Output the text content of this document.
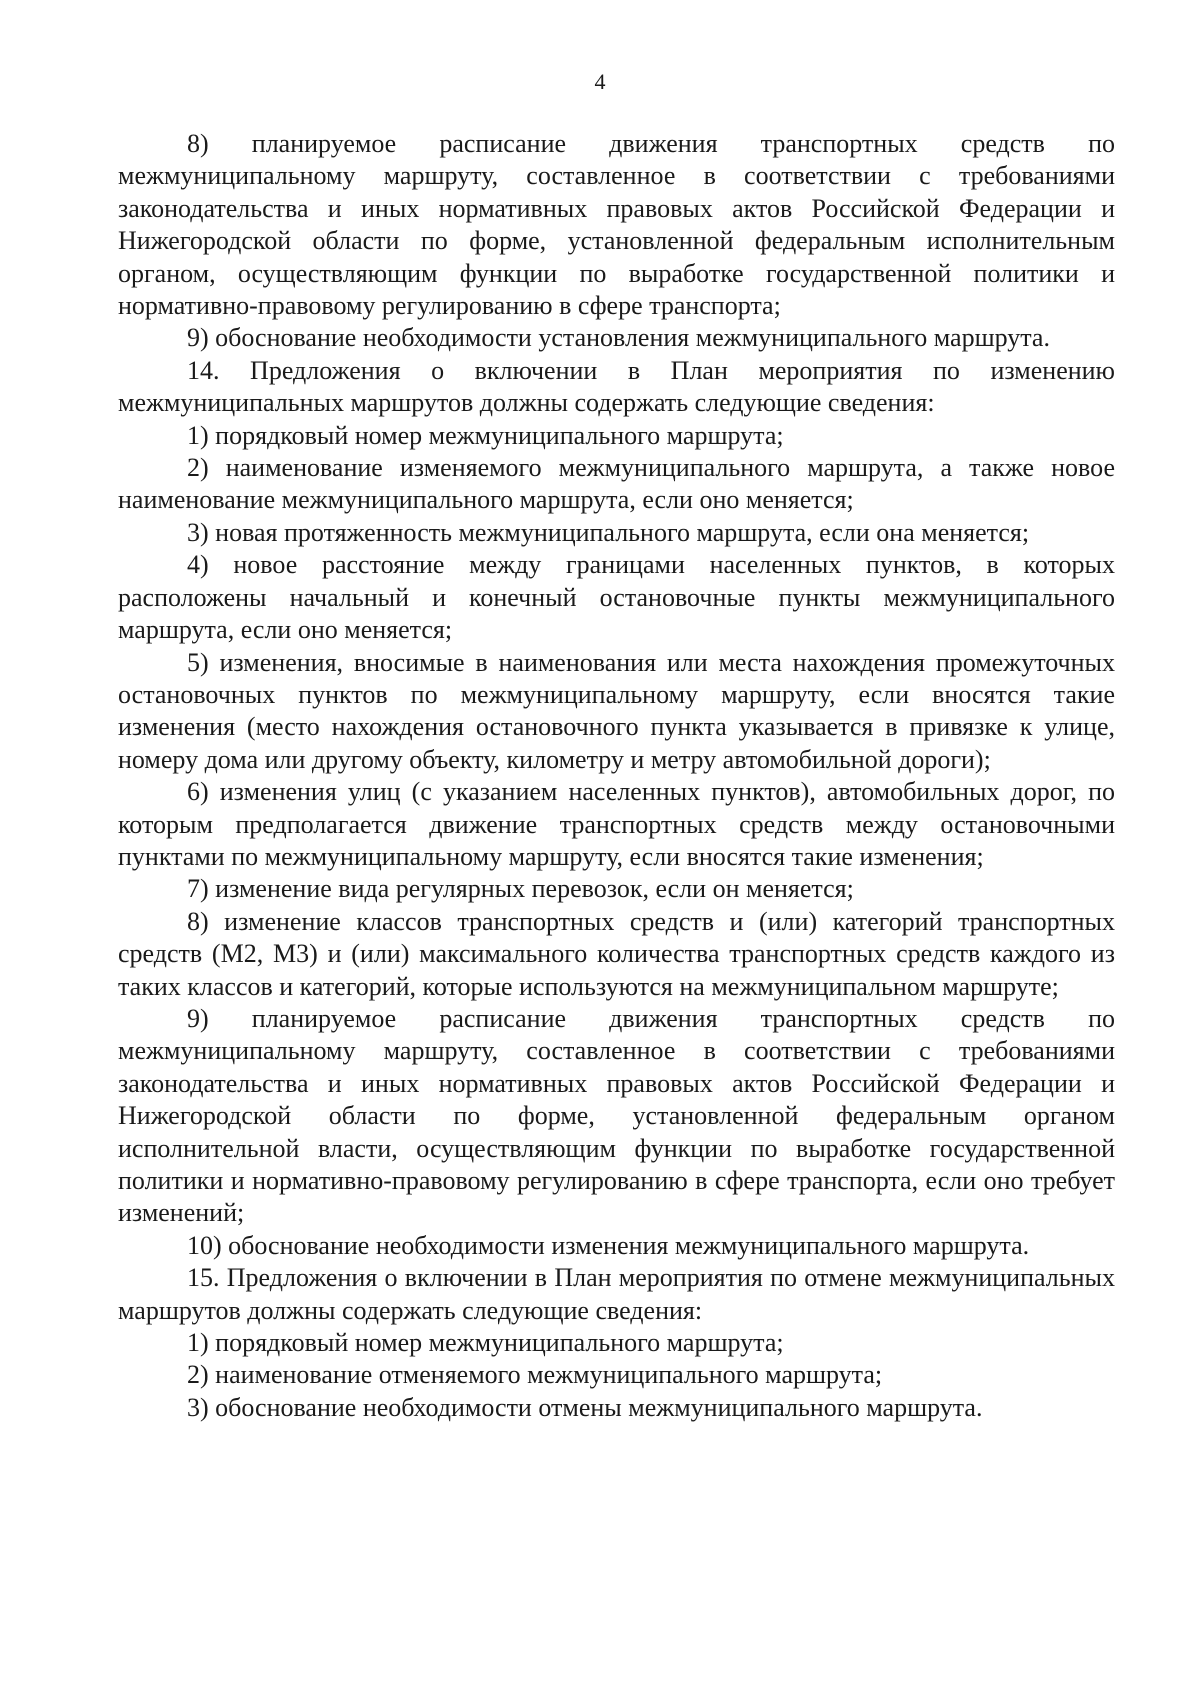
4

8) планируемое расписание движения транспортных средств по межмуниципальному маршруту, составленное в соответствии с требованиями законодательства и иных нормативных правовых актов Российской Федерации и Нижегородской области по форме, установленной федеральным исполнительным органом, осуществляющим функции по выработке государственной политики и нормативно-правовому регулированию в сфере транспорта;

9) обоснование необходимости установления межмуниципального маршрута.

14. Предложения о включении в План мероприятия по изменению межмуниципальных маршрутов должны содержать следующие сведения:

1) порядковый номер межмуниципального маршрута;

2) наименование изменяемого межмуниципального маршрута, а также новое наименование межмуниципального маршрута, если оно меняется;

3) новая протяженность межмуниципального маршрута, если она меняется;

4) новое расстояние между границами населенных пунктов, в которых расположены начальный и конечный остановочные пункты межмуниципального маршрута, если оно меняется;

5) изменения, вносимые в наименования или места нахождения промежуточных остановочных пунктов по межмуниципальному маршруту, если вносятся такие изменения (место нахождения остановочного пункта указывается в привязке к улице, номеру дома или другому объекту, километру и метру автомобильной дороги);

6) изменения улиц (с указанием населенных пунктов), автомобильных дорог, по которым предполагается движение транспортных средств между остановочными пунктами по межмуниципальному маршруту, если вносятся такие изменения;

7) изменение вида регулярных перевозок, если он меняется;

8) изменение классов транспортных средств и (или) категорий транспортных средств (М2, М3) и (или) максимального количества транспортных средств каждого из таких классов и категорий, которые используются на межмуниципальном маршруте;

9) планируемое расписание движения транспортных средств по межмуниципальному маршруту, составленное в соответствии с требованиями законодательства и иных нормативных правовых актов Российской Федерации и Нижегородской области по форме, установленной федеральным органом исполнительной власти, осуществляющим функции по выработке государственной политики и нормативно-правовому регулированию в сфере транспорта, если оно требует изменений;

10) обоснование необходимости изменения межмуниципального маршрута.

15. Предложения о включении в План мероприятия по отмене межмуниципальных маршрутов должны содержать следующие сведения:

1) порядковый номер межмуниципального маршрута;

2) наименование отменяемого межмуниципального маршрута;

3) обоснование необходимости отмены межмуниципального маршрута.
